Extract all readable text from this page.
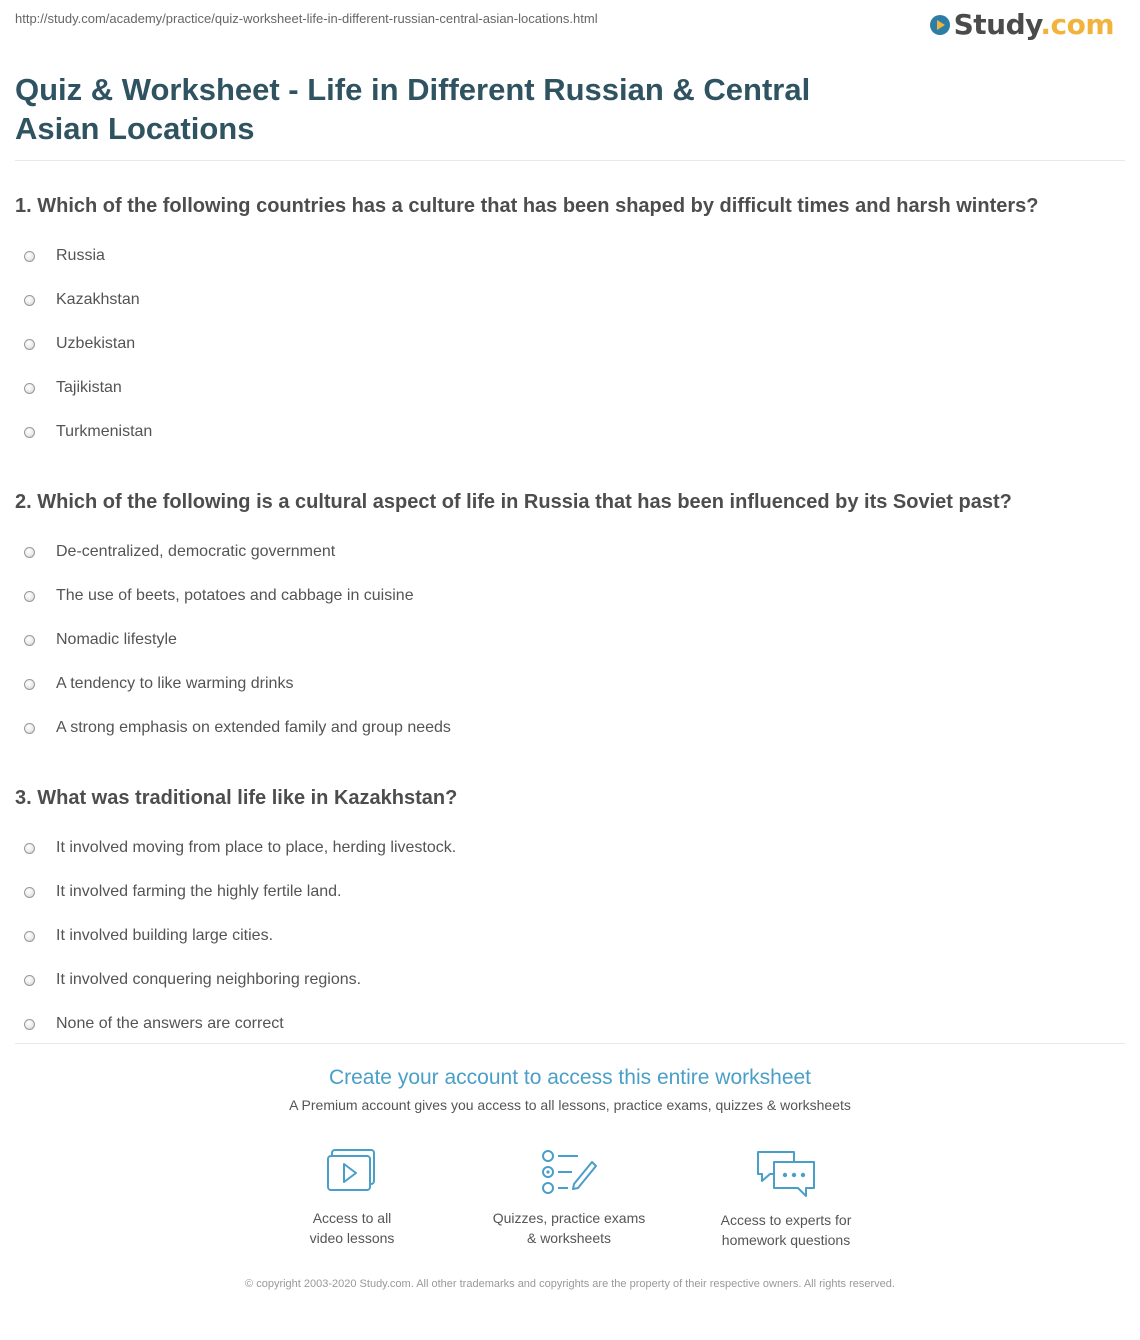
http://study.com/academy/practice/quiz-worksheet-life-in-different-russian-central-asian-locations.html	Study.com
Quiz & Worksheet - Life in Different Russian & Central Asian Locations

1. Which of the following countries has a culture that has been shaped by difficult times and harsh winters?

Russia
Kazakhstan
Uzbekistan
Tajikistan
Turkmenistan

2. Which of the following is a cultural aspect of life in Russia that has been influenced by its Soviet past?

De-centralized, democratic government
The use of beets, potatoes and cabbage in cuisine
Nomadic lifestyle
A tendency to like warming drinks
A strong emphasis on extended family and group needs

3. What was traditional life like in Kazakhstan?

It involved moving from place to place, herding livestock.
It involved farming the highly fertile land.
It involved building large cities.
It involved conquering neighboring regions.
None of the answers are correct
Create your account to access this entire worksheet
A Premium account gives you access to all lessons, practice exams, quizzes & worksheets
Access to all
video lessons
Quizzes, practice exams
& worksheets
Access to experts for
homework questions
© copyright 2003-2020 Study.com. All other trademarks and copyrights are the property of their respective owners. All rights reserved.
